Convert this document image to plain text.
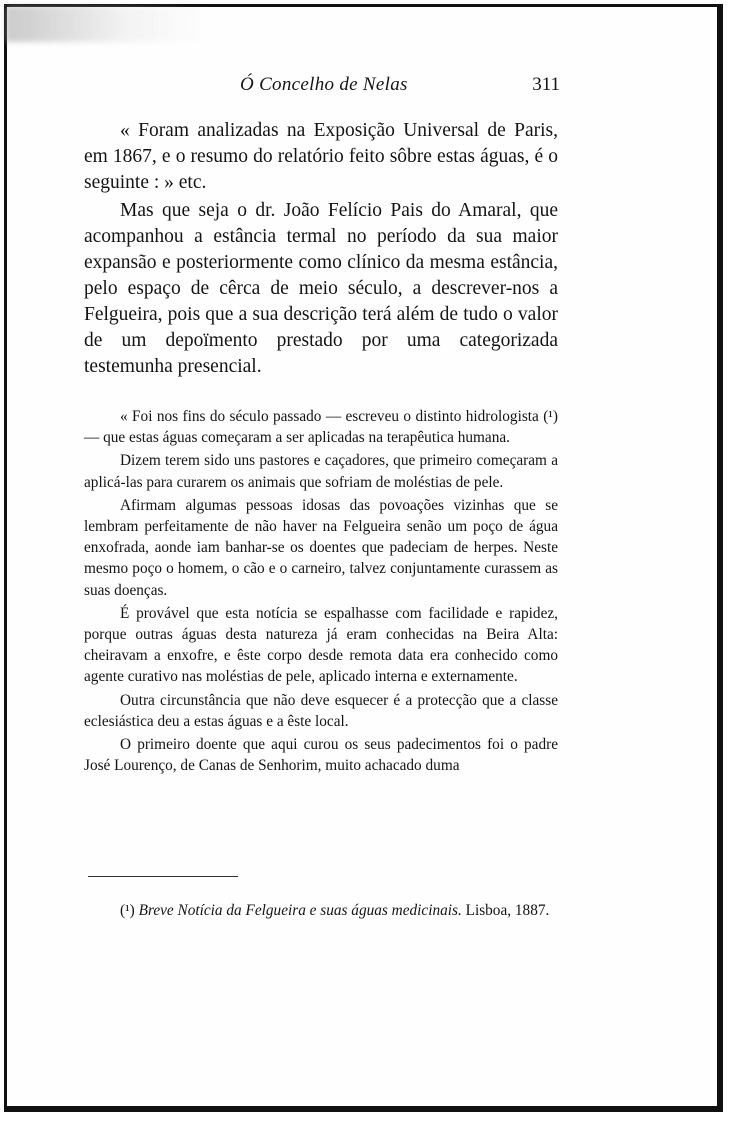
Ó Concelho de Nelas	311

« Foram analizadas na Exposição Universal de Paris, em 1867, e o resumo do relatório feito sôbre estas águas, é o seguinte : » etc.

Mas que seja o dr. João Felício Pais do Amaral, que acompanhou a estância termal no período da sua maior expansão e posteriormente como clínico da mesma estância, pelo espaço de cêrca de meio século, a descrever-nos a Felgueira, pois que a sua descrição terá além de tudo o valor de um depoïmento prestado por uma categorizada testemunha presencial.

« Foi nos fins do século passado — escreveu o distinto hidrologista (¹) — que estas águas começaram a ser aplicadas na terapêutica humana.

Dizem terem sido uns pastores e caçadores, que primeiro começaram a aplicá-las para curarem os animais que sofriam de moléstias de pele.

Afirmam algumas pessoas idosas das povoações vizinhas que se lembram perfeitamente de não haver na Felgueira senão um poço de água enxofrada, aonde iam banhar-se os doentes que padeciam de herpes. Neste mesmo poço o homem, o cão e o carneiro, talvez conjuntamente curassem as suas doenças.

É provável que esta notícia se espalhasse com facilidade e rapidez, porque outras águas desta natureza já eram conhecidas na Beira Alta: cheiravam a enxofre, e êste corpo desde remota data era conhecido como agente curativo nas moléstias de pele, aplicado interna e externamente.

Outra circunstância que não deve esquecer é a protecção que a classe eclesiástica deu a estas águas e a êste local.

O primeiro doente que aqui curou os seus padecimentos foi o padre José Lourenço, de Canas de Senhorim, muito achacado duma

(¹) Breve Notícia da Felgueira e suas águas medicinais. Lisboa, 1887.
